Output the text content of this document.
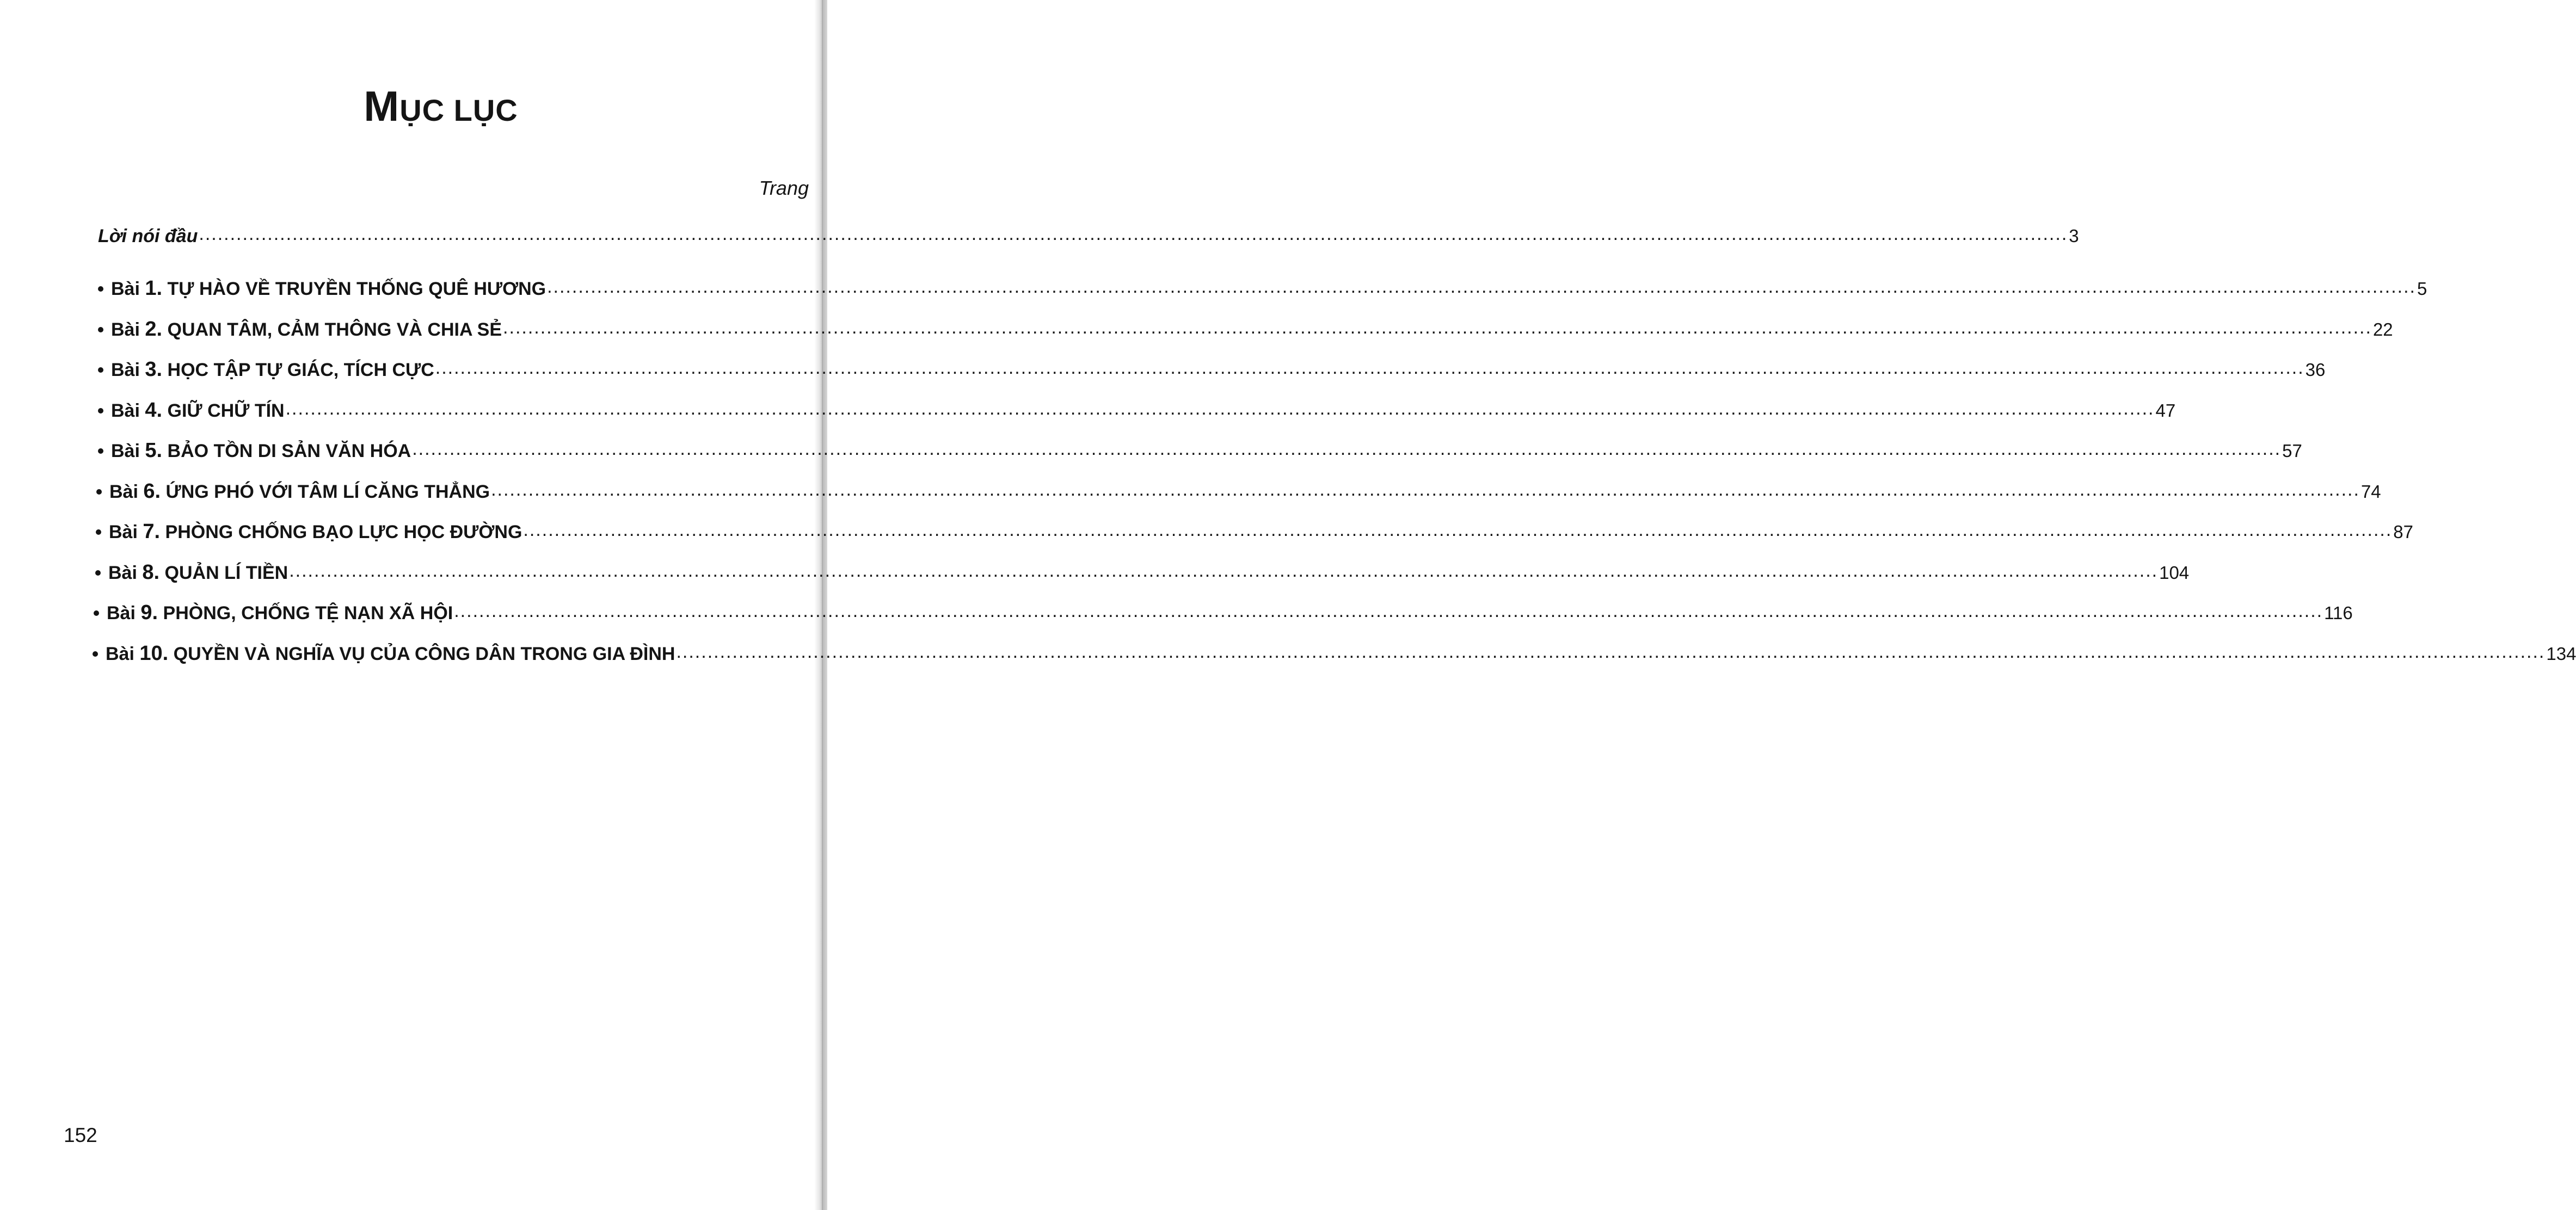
MỤC LỤC
Trang
Lời nói đầu ............................................................................................................................................................................................................................................................................................................ 3
Bài 1. TỰ HÀO VỀ TRUYỀN THỐNG QUÊ HƯƠNG ............................................................................................................................................................................................................................................................................................................ 5
Bài 2. QUAN TÂM, CẢM THÔNG VÀ CHIA SẺ ............................................................................................................................................................................................................................................................................................................ 22
Bài 3. HỌC TẬP TỰ GIÁC, TÍCH CỰC ............................................................................................................................................................................................................................................................................................................ 36
Bài 4. GIỮ CHỮ TÍN ............................................................................................................................................................................................................................................................................................................ 47
Bài 5. BẢO TỒN DI SẢN VĂN HÓA ............................................................................................................................................................................................................................................................................................................ 57
Bài 6. ỨNG PHÓ VỚI TÂM LÍ CĂNG THẲNG ............................................................................................................................................................................................................................................................................................................ 74
Bài 7. PHÒNG CHỐNG BẠO LỰC HỌC ĐƯỜNG ............................................................................................................................................................................................................................................................................................................ 87
Bài 8. QUẢN LÍ TIỀN ............................................................................................................................................................................................................................................................................................................ 104
Bài 9. PHÒNG, CHỐNG TỆ NẠN XÃ HỘI ............................................................................................................................................................................................................................................................................................................ 116
Bài 10. QUYỀN VÀ NGHĨA VỤ CỦA CÔNG DÂN TRONG GIA ĐÌNH ............................................................................................................................................................................................................................................................................................................ 134
152
